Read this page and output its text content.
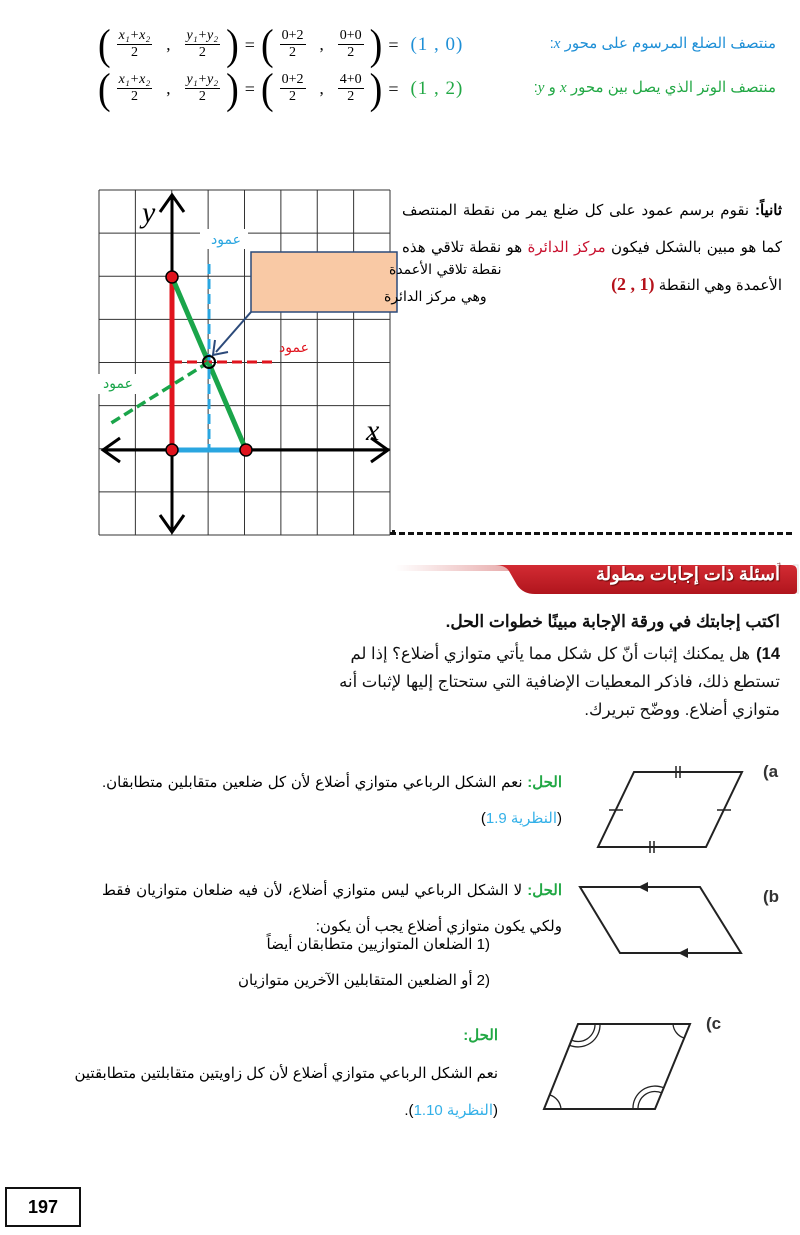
منتصف الضلع المرسوم على محور x:
( $\frac{\text{x₁+x₂}}{2}$ , $\frac{\text{y₁+y₂}}{2}$ ) = ( $\frac{0+2}{2}$ , $\frac{0+0}{2}$ ) = (1 , 0)
منتصف الوتر الذي يصل بين محور x و y:
( $\frac{\text{x₁+x₂}}{2}$ , $\frac{\text{y₁+y₂}}{2}$ ) = ( $\frac{0+2}{2}$ , $\frac{4+0}{2}$ ) = (1 , 2)
y
x
عمود
عمود
عمود
نقطة تلاقي الأعمدة
وهي مركز الدائرة
ثانياً: نقوم برسم عمود على كل ضلع يمر من نقطة المنتصف كما هو مبين بالشكل فيكون مركز الدائرة هو نقطة تلاقي هذه الأعمدة وهي النقطة (2 , 1)
أسئلة ذات إجابات مطولة
اكتب إجابتك في ورقة الإجابة مبينًا خطوات الحل.
14)هل يمكنك إثبات أنّ كل شكل مما يأتي متوازي أضلاع؟ إذا لم تستطع ذلك، فاذكر المعطيات الإضافية التي ستحتاج إليها لإثبات أنه متوازي أضلاع. ووضّح تبريرك.
(a
الحل: نعم الشكل الرباعي متوازي أضلاع لأن كل ضلعين متقابلين متطابقان. (النظرية 1.9)
(b
الحل: لا الشكل الرباعي ليس متوازي أضلاع، لأن فيه ضلعان متوازيان فقط ولكي يكون متوازي أضلاع يجب أن يكون:
1) الضلعان المتوازيين متطابقان أيضاً
2) أو الضلعين المتقابلين الآخرين متوازيان
(c
الحل:
نعم الشكل الرباعي متوازي أضلاع لأن كل زاويتين متقابلتين متطابقتين
(النظرية 1.10).
197
